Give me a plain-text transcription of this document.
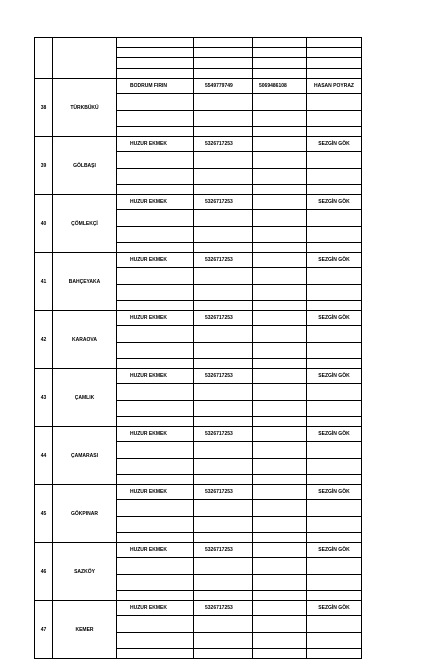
38	TÜRKBÜKÜ	BODRUM FIRIN	5549779749	5069486108	HASAN POYRAZ

39	GÖLBAŞI	HUZUR EKMEK	5326717253		SEZGİN GÖK

40	ÇÖMLEKÇİ	HUZUR EKMEK	5326717253		SEZGİN GÖK

41	BAHÇEYAKA	HUZUR EKMEK	5326717253		SEZGİN GÖK

42	KARAOVA	HUZUR EKMEK	5326717253		SEZGİN GÖK

43	ÇAMLIK	HUZUR EKMEK	5326717253		SEZGİN GÖK

44	ÇAMARASI	HUZUR EKMEK	5326717253		SEZGİN GÖK

45	GÖKPINAR	HUZUR EKMEK	5326717253		SEZGİN GÖK

46	SAZKÖY	HUZUR EKMEK	5326717253		SEZGİN GÖK

47	KEMER	HUZUR EKMEK	5326717253		SEZGİN GÖK
